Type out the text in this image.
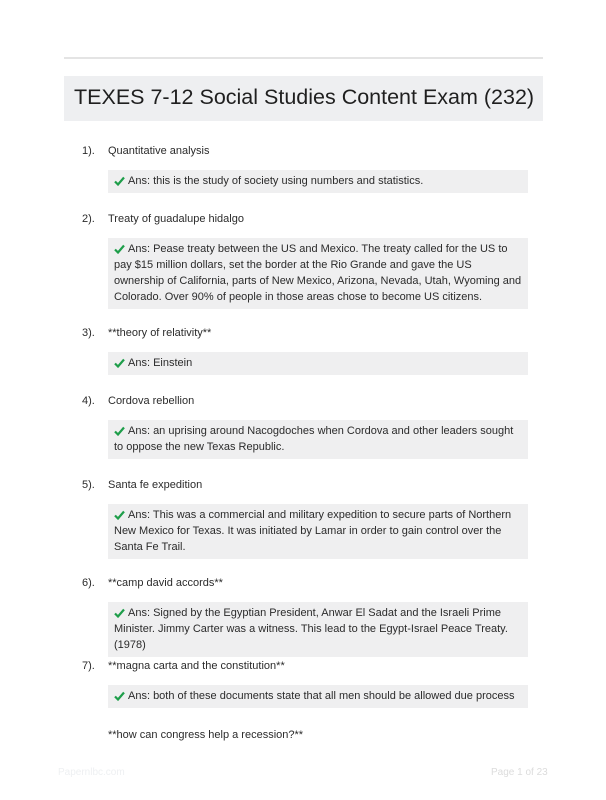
TEXES 7-12 Social Studies Content Exam (232)
1). Quantitative analysis
Ans: this is the study of society using numbers and statistics.
2). Treaty of guadalupe hidalgo
Ans: Pease treaty between the US and Mexico. The treaty called for the US to pay $15 million dollars, set the border at the Rio Grande and gave the US ownership of California, parts of New Mexico, Arizona, Nevada, Utah, Wyoming and Colorado. Over 90% of people in those areas chose to become US citizens.
3). **theory of relativity**
Ans: Einstein
4). Cordova rebellion
Ans: an uprising around Nacogdoches when Cordova and other leaders sought to oppose the new Texas Republic.
5). Santa fe expedition
Ans: This was a commercial and military expedition to secure parts of Northern New Mexico for Texas. It was initiated by Lamar in order to gain control over the Santa Fe Trail.
6). **camp david accords**
Ans: Signed by the Egyptian President, Anwar El Sadat and the Israeli Prime Minister. Jimmy Carter was a witness. This lead to the Egypt-Israel Peace Treaty. (1978)
7). **magna carta and the constitution**
Ans: both of these documents state that all men should be allowed due process
**how can congress help a recession?**
Papernlbc.com	Page 1 of 23
